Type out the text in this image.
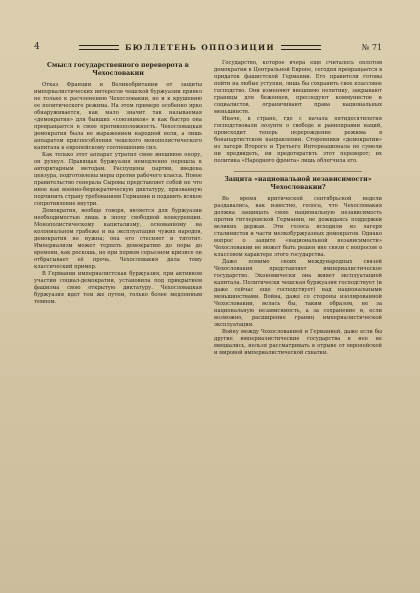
4	БЮЛЛЕТЕНЬ ОППОЗИЦИИ	№ 71
Смысл государственного переворота в Чехословакии

Отказ Франции и Великобритании от защиты империалистических интересов чешской буржуазии привел не только к расчленению Чехословакии, но и к крушению ее политического режима. На этом примере особенно ярко обнаруживается, как мало значит так называемая «демократия» для бывших «союзников» и как быстро она превращается в свою противоположность. Чехословацкая демократия была не выражением народной воли, а лишь аппаратом приспособления чешского монополистического капитала к европейскому соотношению сил.

Как только этот аппарат утратил свою внешнюю опору, он рухнул. Правящая буржуазия немедленно перешла к авторитарным методам. Распущены партии, введена цензура, подготовлены меры против рабочего класса. Новое правительство генерала Сыровы представляет собой не что иное как военно-бюрократическую диктатуру, призванную подчинить страну требованиям Германии и подавить всякое сопротивление внутри.

Демократия, вообще говоря, является для буржуазии необходимостью лишь в эпоху свободной конкуренции. Монополистическому капитализму, основанному на колониальном грабеже и на эксплуатации чужих народов, демократия не нужна; она его стесняет и тяготит. Империализм может терпеть демократию до поры до времени, как роскошь, но при первом серьезном кризисе он отбрасывает её прочь. Чехословакия дала тому классический пример.

В Германии империалистская буржуазия, при активном участии социал-демократии, установила под прикрытием фашизма свою открытую диктатуру. Чехословацкая буржуазия идет тем же путем, только более медленным темпом.

Государство, которое вчера еще считалось оплотом демократии в Центральной Европе, сегодня превращается в придаток фашистской Германии. Его правители готовы пойти на любые уступки, лишь бы сохранить свое классовое господство. Они изменяют внешнюю политику, закрывают границы для беженцев, преследуют коммунистов и социалистов, ограничивают права национальных меньшинств.

Иначе, в стране, где с начала пятидесятилетия господствовали лозунги о свободе и равноправии наций, происходит теперь перерождение режима в бонапартистском направлении. Сторонники «демократии» из лагеря Второго и Третьего Интернационала не сумели ни предвидеть, ни предотвратить этот переворот; их политика «Народного фронта» лишь облегчила его.

Защита «национальной независимости» Чехословакии?

Во время критической сентябрьской недели раздавались, как известно, голоса, что Чехословакия должна защищать свою национальную независимость против гитлеровской Германии, не дожидаясь поддержки великих держав. Эти голоса исходили из лагеря сталинистов и части мелкобуржуазных демократов. Однако вопрос о защите «национальной независимости» Чехословакии не может быть решен вне связи с вопросом о классовом характере этого государства.

Даже помимо своих международных связей Чехословакия представляет империалистическое государство. Экономически она живет эксплуатацией капитала. Политически чешская буржуазия господствует (и даже сейчас еще господствует) над национальными меньшинствами. Война, даже со стороны изолированной Чехословакии, велась бы, таким образом, не за национальную независимость, а за сохранение и, если возможно, расширение границ империалистической эксплуатации.

Войну между Чехословакией и Германией, даже если бы другие империалистические государства в нее не вмешались, нельзя рассматривать в отрыве от европейской и мировой империалистической схватки.
